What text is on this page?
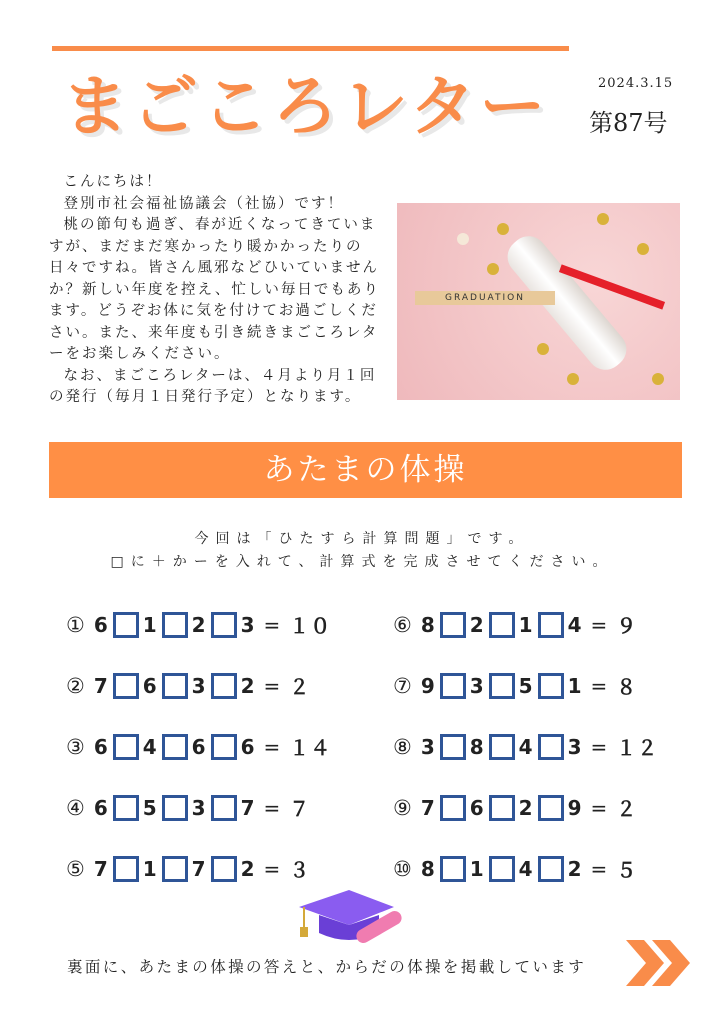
まごころレター	2024.3.15
第87号

こんにちは！

登別市社会福祉協議会（社協）です！

桃の節句も過ぎ、春が近くなってきていますが、まだまだ寒かったり暖かかったりの日々ですね。皆さん風邪などひいていませんか？新しい年度を控え、忙しい毎日でもあります。どうぞお体に気を付けてお過ごしください。また、来年度も引き続きまごころレターをお楽しみください。

なお、まごころレターは、４月より月１回の発行（毎月１日発行予定）となります。

GRADUATION
あたまの体操
今回は「ひたすら計算問題」です。
□に＋かーを入れて、計算式を完成させてください。
① 6 1 2 3 = １０
② 7 6 3 2 = ２
③ 6 4 6 6 = １４
④ 6 5 3 7 = ７
⑤ 7 1 7 2 = ３
⑥ 8 2 1 4 = ９
⑦ 9 3 5 1 = ８
⑧ 3 8 4 3 = １２
⑨ 7 6 2 9 = ２
⑩ 8 1 4 2 = ５
裏面に、あたまの体操の答えと、からだの体操を掲載しています
